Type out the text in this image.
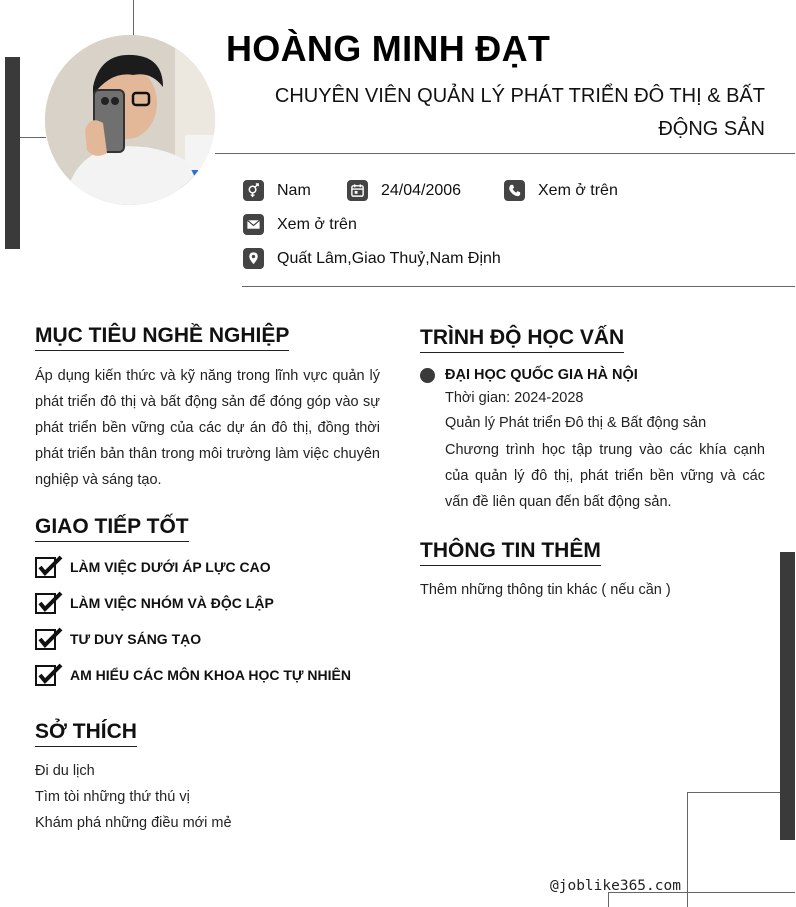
HOÀNG MINH ĐẠT
CHUYÊN VIÊN QUẢN LÝ PHÁT TRIỂN ĐÔ THỊ & BẤT ĐỘNG SẢN
Nam	24/04/2006	Xem ở trên
Xem ở trên
Quất Lâm,Giao Thuỷ,Nam Định
MỤC TIÊU NGHỀ NGHIỆP
Áp dụng kiến thức và kỹ năng trong lĩnh vực quản lý phát triển đô thị và bất động sản để đóng góp vào sự phát triển bền vững của các dự án đô thị, đồng thời phát triển bản thân trong môi trường làm việc chuyên nghiệp và sáng tạo.
GIAO TIẾP TỐT
LÀM VIỆC DƯỚI ÁP LỰC CAO
LÀM VIỆC NHÓM VÀ ĐỘC LẬP
TƯ DUY SÁNG TẠO
AM HIỂU CÁC MÔN KHOA HỌC TỰ NHIÊN
SỞ THÍCH
Đi du lịch
Tìm tòi những thứ thú vị
Khám phá những điều mới mẻ
TRÌNH ĐỘ HỌC VẤN
ĐẠI HỌC QUỐC GIA HÀ NỘI
Thời gian: 2024-2028
Quản lý Phát triển Đô thị & Bất động sản
Chương trình học tập trung vào các khía cạnh của quản lý đô thị, phát triển bền vững và các vấn đề liên quan đến bất động sản.
THÔNG TIN THÊM
Thêm những thông tin khác ( nếu cần )
@joblike365.com
